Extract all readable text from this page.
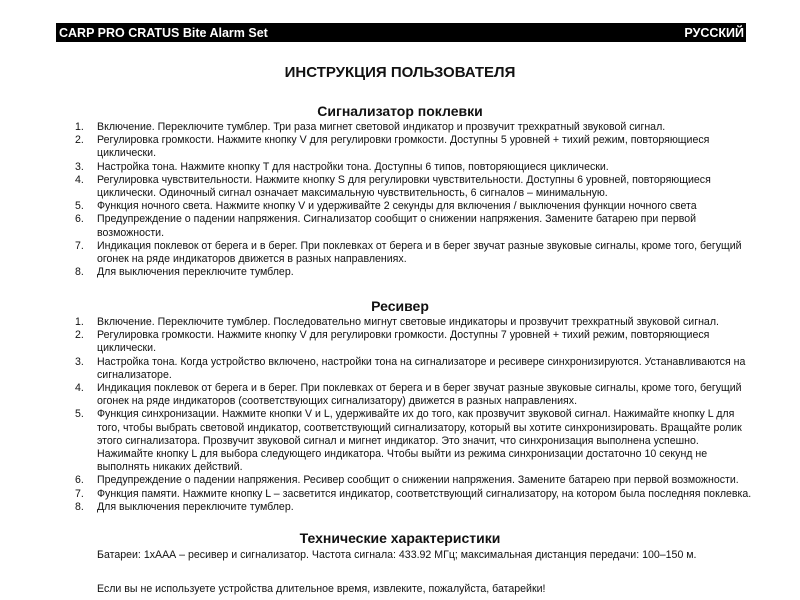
CARP PRO CRATUS Bite Alarm Set	РУССКИЙ
ИНСТРУКЦИЯ ПОЛЬЗОВАТЕЛЯ
Сигнализатор поклевки
1. Включение. Переключите тумблер. Три раза мигнет световой индикатор и прозвучит трехкратный звуковой сигнал.
2. Регулировка громкости. Нажмите кнопку V для регулировки громкости. Доступны 5 уровней + тихий режим, повторяющиеся циклически.
3. Настройка тона. Нажмите кнопку T для настройки тона. Доступны 6 типов, повторяющиеся циклически.
4. Регулировка чувствительности. Нажмите кнопку S для регулировки чувствительности. Доступны 6 уровней, повторяющиеся циклически. Одиночный сигнал означает максимальную чувствительность, 6 сигналов – минимальную.
5. Функция ночного света. Нажмите кнопку V и удерживайте 2 секунды для включения / выключения функции ночного света
6. Предупреждение о падении напряжения. Сигнализатор сообщит о снижении напряжения. Замените батарею при первой возможности.
7. Индикация поклевок от берега и в берег. При поклевках от берега и в берег звучат разные звуковые сигналы, кроме того, бегущий огонек на ряде индикаторов движется в разных направлениях.
8. Для выключения переключите тумблер.
Ресивер
1. Включение. Переключите тумблер. Последовательно мигнут световые индикаторы и прозвучит трехкратный звуковой сигнал.
2. Регулировка громкости. Нажмите кнопку V для регулировки громкости. Доступны 7 уровней + тихий режим, повторяющиеся циклически.
3. Настройка тона. Когда устройство включено, настройки тона на сигнализаторе и ресивере синхронизируются. Устанавливаются на сигнализаторе.
4. Индикация поклевок от берега и в берег. При поклевках от берега и в берег звучат разные звуковые сигналы, кроме того, бегущий огонек на ряде индикаторов (соответствующих сигнализатору) движется в разных направлениях.
5. Функция синхронизации. Нажмите кнопки V и L, удерживайте их до того, как прозвучит звуковой сигнал. Нажимайте кнопку L для того, чтобы выбрать световой индикатор, соответствующий сигнализатору, который вы хотите синхронизировать. Вращайте ролик этого сигнализатора. Прозвучит звуковой сигнал и мигнет индикатор. Это значит, что синхронизация выполнена успешно. Нажимайте кнопку L для выбора следующего индикатора. Чтобы выйти из режима синхронизации достаточно 10 секунд не выполнять никаких действий.
6. Предупреждение о падении напряжения. Ресивер сообщит о снижении напряжения. Замените батарею при первой возможности.
7. Функция памяти. Нажмите кнопку L – засветится индикатор, соответствующий сигнализатору, на котором была последняя поклевка.
8. Для выключения переключите тумблер.
Технические характеристики
Батареи: 1хААА – ресивер и сигнализатор. Частота сигнала: 433.92 МГц; максимальная дистанция передачи: 100–150 м.
Если вы не используете устройства длительное время, извлеките, пожалуйста, батарейки!
